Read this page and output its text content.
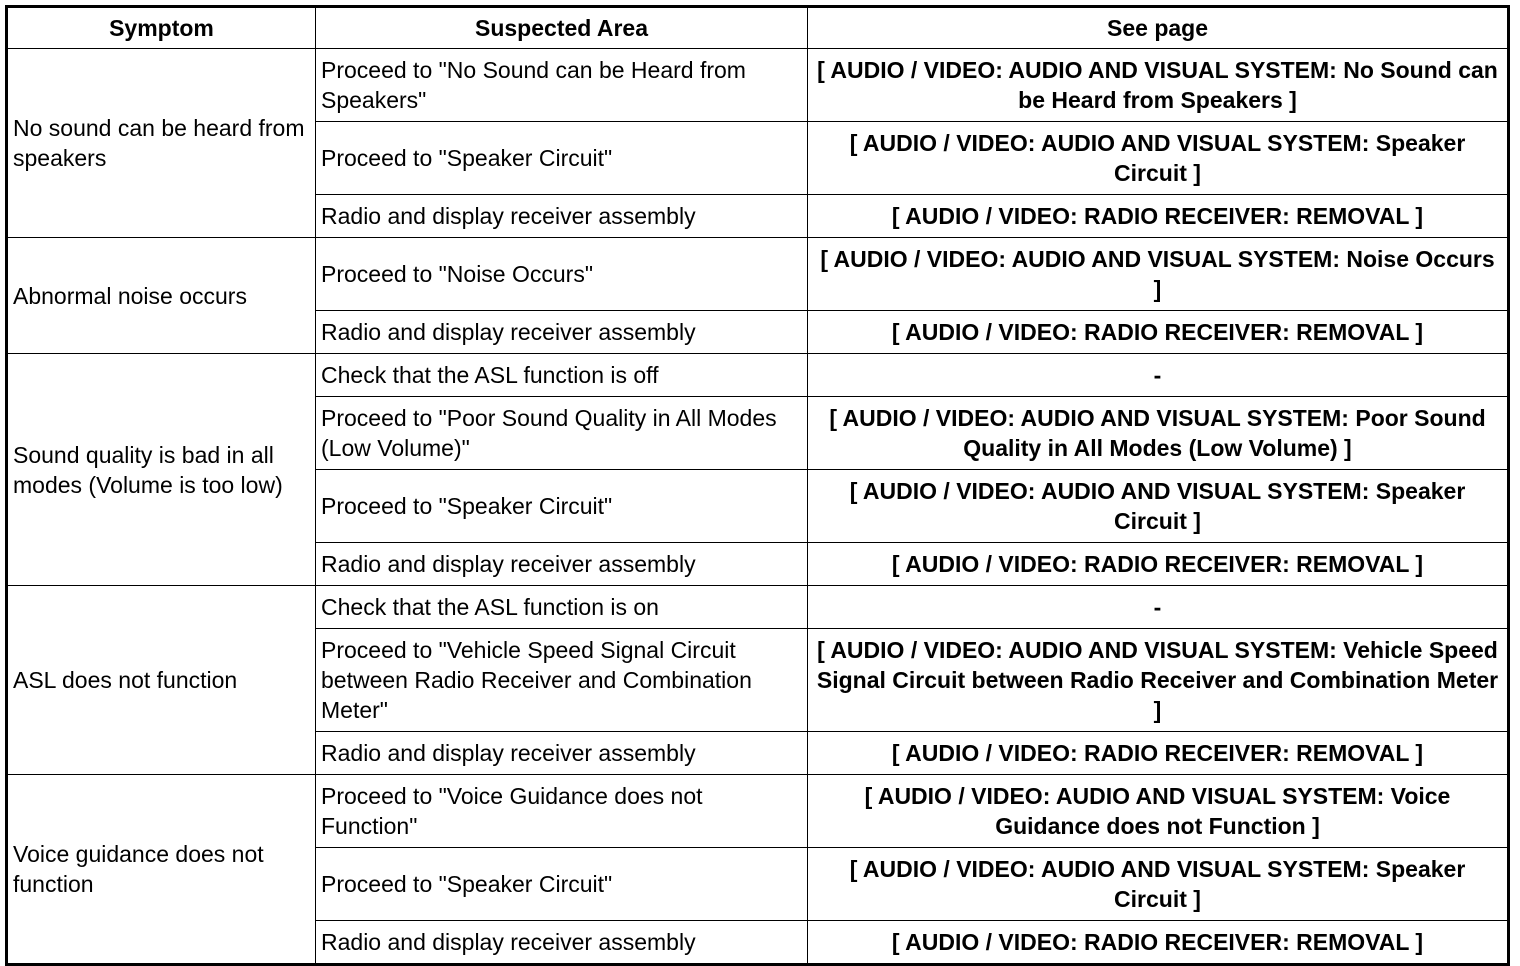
Symptom	Suspected Area	See page
No sound can be heard from speakers	Proceed to "No Sound can be Heard from Speakers"	[ AUDIO / VIDEO: AUDIO AND VISUAL SYSTEM: No Sound can be Heard from Speakers ]
	Proceed to "Speaker Circuit"	[ AUDIO / VIDEO: AUDIO AND VISUAL SYSTEM: Speaker Circuit ]
	Radio and display receiver assembly	[ AUDIO / VIDEO: RADIO RECEIVER: REMOVAL ]
Abnormal noise occurs	Proceed to "Noise Occurs"	[ AUDIO / VIDEO: AUDIO AND VISUAL SYSTEM: Noise Occurs ]
	Radio and display receiver assembly	[ AUDIO / VIDEO: RADIO RECEIVER: REMOVAL ]
Sound quality is bad in all modes (Volume is too low)	Check that the ASL function is off	-
	Proceed to "Poor Sound Quality in All Modes (Low Volume)"	[ AUDIO / VIDEO: AUDIO AND VISUAL SYSTEM: Poor Sound Quality in All Modes (Low Volume) ]
	Proceed to "Speaker Circuit"	[ AUDIO / VIDEO: AUDIO AND VISUAL SYSTEM: Speaker Circuit ]
	Radio and display receiver assembly	[ AUDIO / VIDEO: RADIO RECEIVER: REMOVAL ]
ASL does not function	Check that the ASL function is on	-
	Proceed to "Vehicle Speed Signal Circuit between Radio Receiver and Combination Meter"	[ AUDIO / VIDEO: AUDIO AND VISUAL SYSTEM: Vehicle Speed Signal Circuit between Radio Receiver and Combination Meter ]
	Radio and display receiver assembly	[ AUDIO / VIDEO: RADIO RECEIVER: REMOVAL ]
Voice guidance does not function	Proceed to "Voice Guidance does not Function"	[ AUDIO / VIDEO: AUDIO AND VISUAL SYSTEM: Voice Guidance does not Function ]
	Proceed to "Speaker Circuit"	[ AUDIO / VIDEO: AUDIO AND VISUAL SYSTEM: Speaker Circuit ]
	Radio and display receiver assembly	[ AUDIO / VIDEO: RADIO RECEIVER: REMOVAL ]
